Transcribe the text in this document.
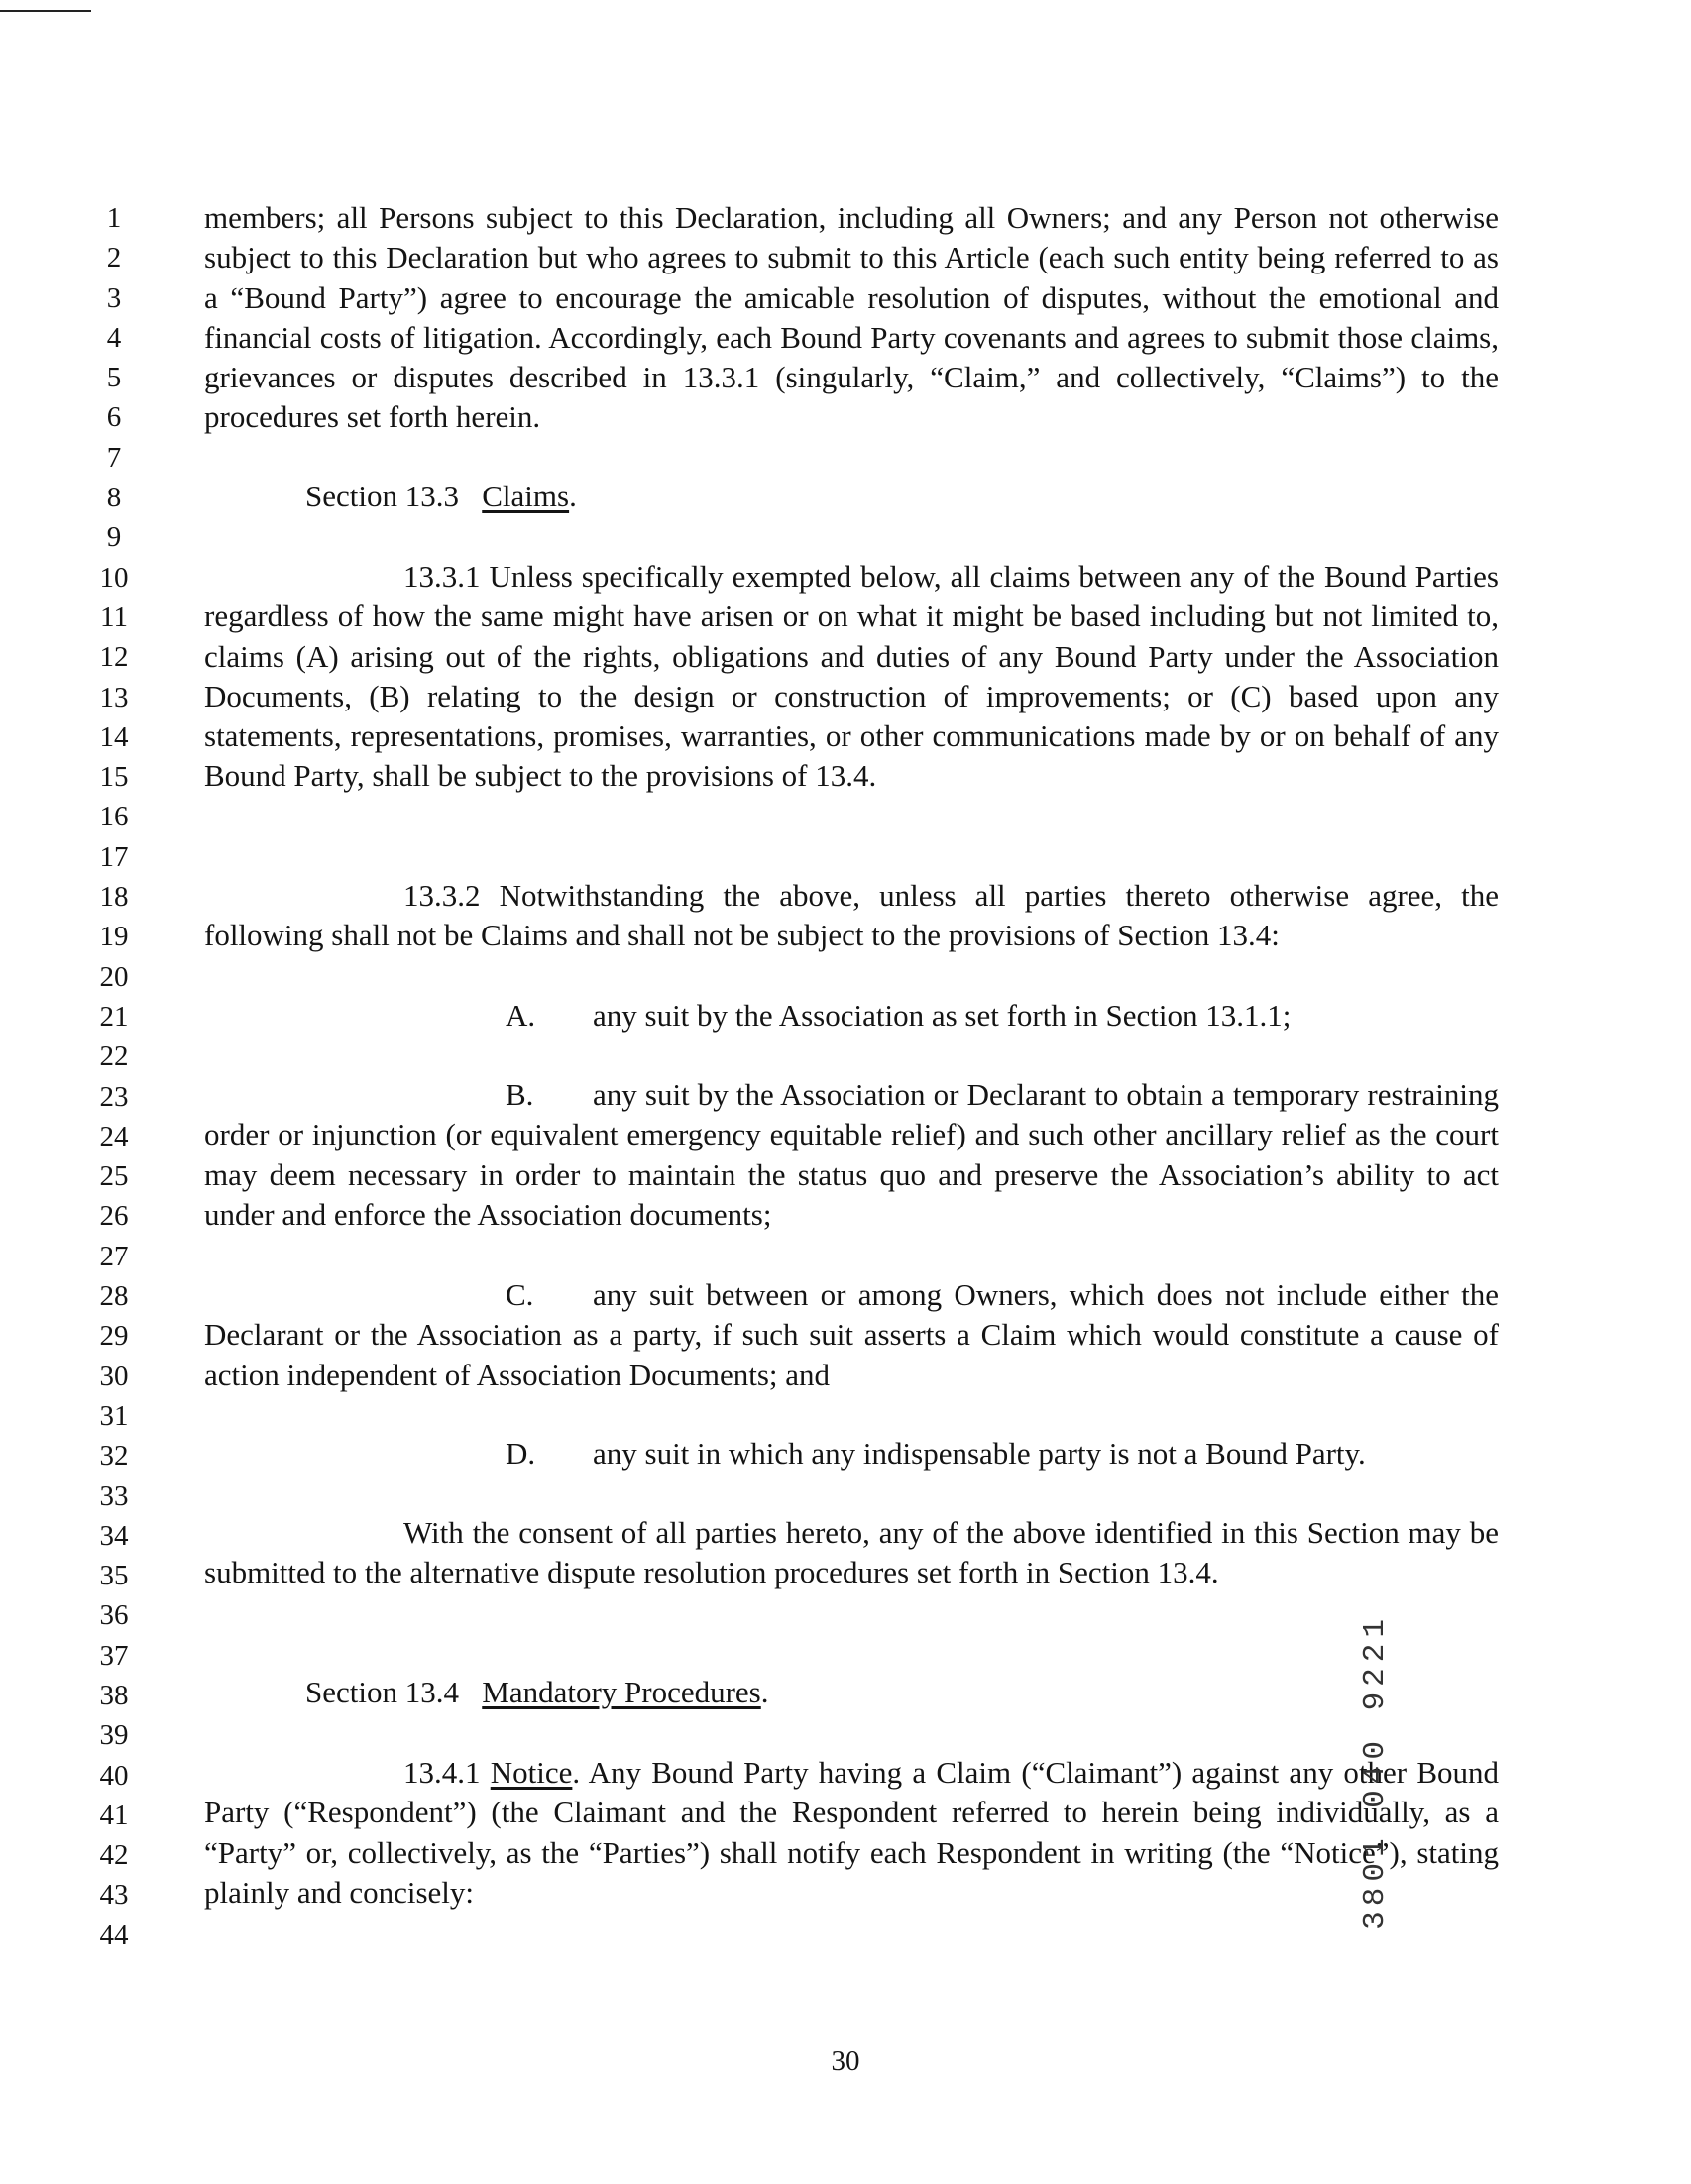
1
2
3
4
5
6
7
8
9
10
11
12
13
14
15
16
17
18
19
20
21
22
23
24
25
26
27
28
29
30
31
32
33
34
35
36
37
38
39
40
41
42
43
44

members; all Persons subject to this Declaration, including all Owners; and any Person not otherwise subject to this Declaration but who agrees to submit to this Article (each such entity being referred to as a “Bound Party”) agree to encourage the amicable resolution of disputes, without the emotional and financial costs of litigation. Accordingly, each Bound Party covenants and agrees to submit those claims, grievances or disputes described in 13.3.1 (singularly, “Claim,” and collectively, “Claims”) to the procedures set forth herein.

Section 13.3 Claims.

13.3.1 Unless specifically exempted below, all claims between any of the Bound Parties regardless of how the same might have arisen or on what it might be based including but not limited to, claims (A) arising out of the rights, obligations and duties of any Bound Party under the Association Documents, (B) relating to the design or construction of improvements; or (C) based upon any statements, representations, promises, warranties, or other communications made by or on behalf of any Bound Party, shall be subject to the provisions of 13.4.

13.3.2 Notwithstanding the above, unless all parties thereto otherwise agree, the following shall not be Claims and shall not be subject to the provisions of Section 13.4:

A. any suit by the Association as set forth in Section 13.1.1;

B. any suit by the Association or Declarant to obtain a temporary restraining order or injunction (or equivalent emergency equitable relief) and such other ancillary relief as the court may deem necessary in order to maintain the status quo and preserve the Association’s ability to act under and enforce the Association documents;

C. any suit between or among Owners, which does not include either the Declarant or the Association as a party, if such suit asserts a Claim which would constitute a cause of action independent of Association Documents; and

D. any suit in which any indispensable party is not a Bound Party.

With the consent of all parties hereto, any of the above identified in this Section may be submitted to the alternative dispute resolution procedures set forth in Section 13.4.

Section 13.4 Mandatory Procedures.

13.4.1 Notice. Any Bound Party having a Claim (“Claimant”) against any other Bound Party (“Respondent”) (the Claimant and the Respondent referred to herein being individually, as a “Party” or, collectively, as the “Parties”) shall notify each Respondent in writing (the “Notice”), stating plainly and concisely:

30
3801 040 9221
